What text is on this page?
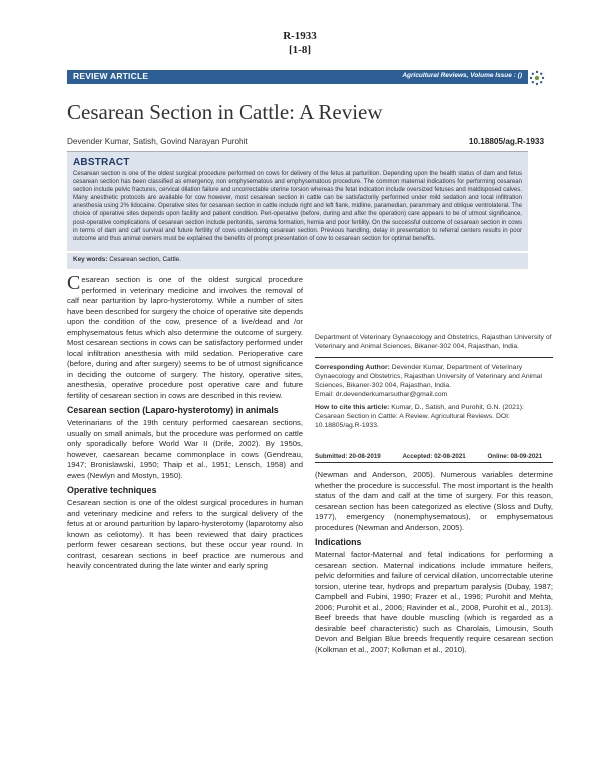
R-1933
[1-8]
REVIEW ARTICLE	Agricultural Reviews, Volume Issue : ()
Cesarean Section in Cattle: A Review
Devender Kumar, Satish, Govind Narayan Purohit	10.18805/ag.R-1933
ABSTRACT

Cesarean section is one of the oldest surgical procedure performed on cows for delivery of the fetus at parturition. Depending upon the health status of dam and fetus cesarean section has been classified as emergency, non emphysematous and emphysematous procedure. The common maternal indications for performing cesarean section include pelvic fractures, cervical dilation failure and uncorrectable uterine torsion whereas the fetal indication include oversized fetuses and maldisposed calves. Many anesthetic protocols are available for cow however, most cesarean section in cattle can be satisfactorily performed under mild sedation and local infiltration anesthesia using 2% lidocaine. Operative sites for cesarean section in cattle include right and left flank, midline, paramedian, parammary and oblique ventrolateral. The choice of operative sites depends upon facility and patient condition. Peri-operative (before, during and after the operation) care appears to be of utmost significance, post-operative complications of cesarean section include peritonitis, seroma formation, hernia and poor fertility. On the successful outcome of cesarean section in cows in terms of dam and calf survival and future fertility of cows underdoing cesarean section. Previous handling, delay in presentation to referral centers results in poor outcome and thus animal owners must be explained the benefits of prompt presentation of cow to cesarean section for optimal benefits.

Key words: Cesarean section, Cattle.

Cesarean section is one of the oldest surgical procedure performed in veterinary medicine and involves the removal of calf near parturition by lapro-hysterotomy. While a number of sites have been described for surgery the choice of operative site depends upon the condition of the cow, presence of a live/dead and /or emphysematous fetus which also determine the outcome of surgery. Most cesarean sections in cows can be satisfactory performed under local infiltration anesthesia with mild sedation. Perioperative care (before, during and after surgery) seems to be of utmost significance in deciding the outcome of surgery. The history, operative sites, anesthesia, operative procedure post operative care and future fertility of cesarean section in cows are described in this review.

Cesarean section (Laparo-hysterotomy) in animals

Veterinarians of the 19th century performed caesarean sections, usually on small animals, but the procedure was performed on cattle only sporadically before World War II (Drife, 2002). By 1950s, however, caesarean became commonplace in cows (Gendreau, 1947; Bronislawski, 1950; Thaip et al., 1951; Lensch, 1958) and ewes (Newlyn and Mostyn, 1950).

Operative techniques

Cesarean section is one of the oldest surgical procedures in human and veterinary medicine and refers to the surgical delivery of the fetus at or around parturition by laparo-hysterotomy (laparotomy also known as celiotomy). It has been reviewed that dairy practices perform fewer cesarean sections, but these occur year round. In contrast, cesarean sections in beef practice are numerous and heavily concentrated during the late winter and early spring

Department of Veterinary Gynaecology and Obstetrics, Rajasthan University of Veterinary and Animal Sciences, Bikaner-302 004, Rajasthan, India.

Corresponding Author: Devender Kumar, Department of Veterinary Gynaecology and Obstetrics, Rajasthan University of Veterinary and Animal Sciences, Bikaner-302 004, Rajasthan, India.

Email: dr.devenderkumarsuthar@gmail.com

How to cite this article: Kumar, D., Satish, and Purohit, G.N. (2021): Cesarean Section in Cattle: A Review. Agricultural Reviews. DOI: 10.18805/ag.R-1933.

Submitted: 20-08-2019	Accepted: 02-08-2021	Online: 08-09-2021

(Newman and Anderson, 2005). Numerous variables determine whether the procedure is successful. The most important is the health status of the dam and calf at the time of surgery. For this reason, cesarean section has been categorized as elective (Sloss and Dufty, 1977), emergency (nonemphysematous), or emphysematous procedures (Newman and Anderson, 2005).

Indications

Maternal factor-Maternal and fetal indications for performing a cesarean section. Maternal indications include immature heifers, pelvic deformities and failure of cervical dilation, uncorrectable uterine torsion, uterine tear, hydrops and prepartum paralysis (Dubay, 1987; Campbell and Fubini, 1990; Frazer et al., 1996; Purohit and Mehta, 2006; Purohit et al., 2006; Ravinder et al., 2008, Purohit et al., 2013). Beef breeds that have double muscling (which is regarded as a desirable beef characteristic) such as Charolais, Limousin, South Devon and Belgian Blue breeds frequently require cesarean section (Kolkman et al., 2007; Kolkman et al., 2010).
